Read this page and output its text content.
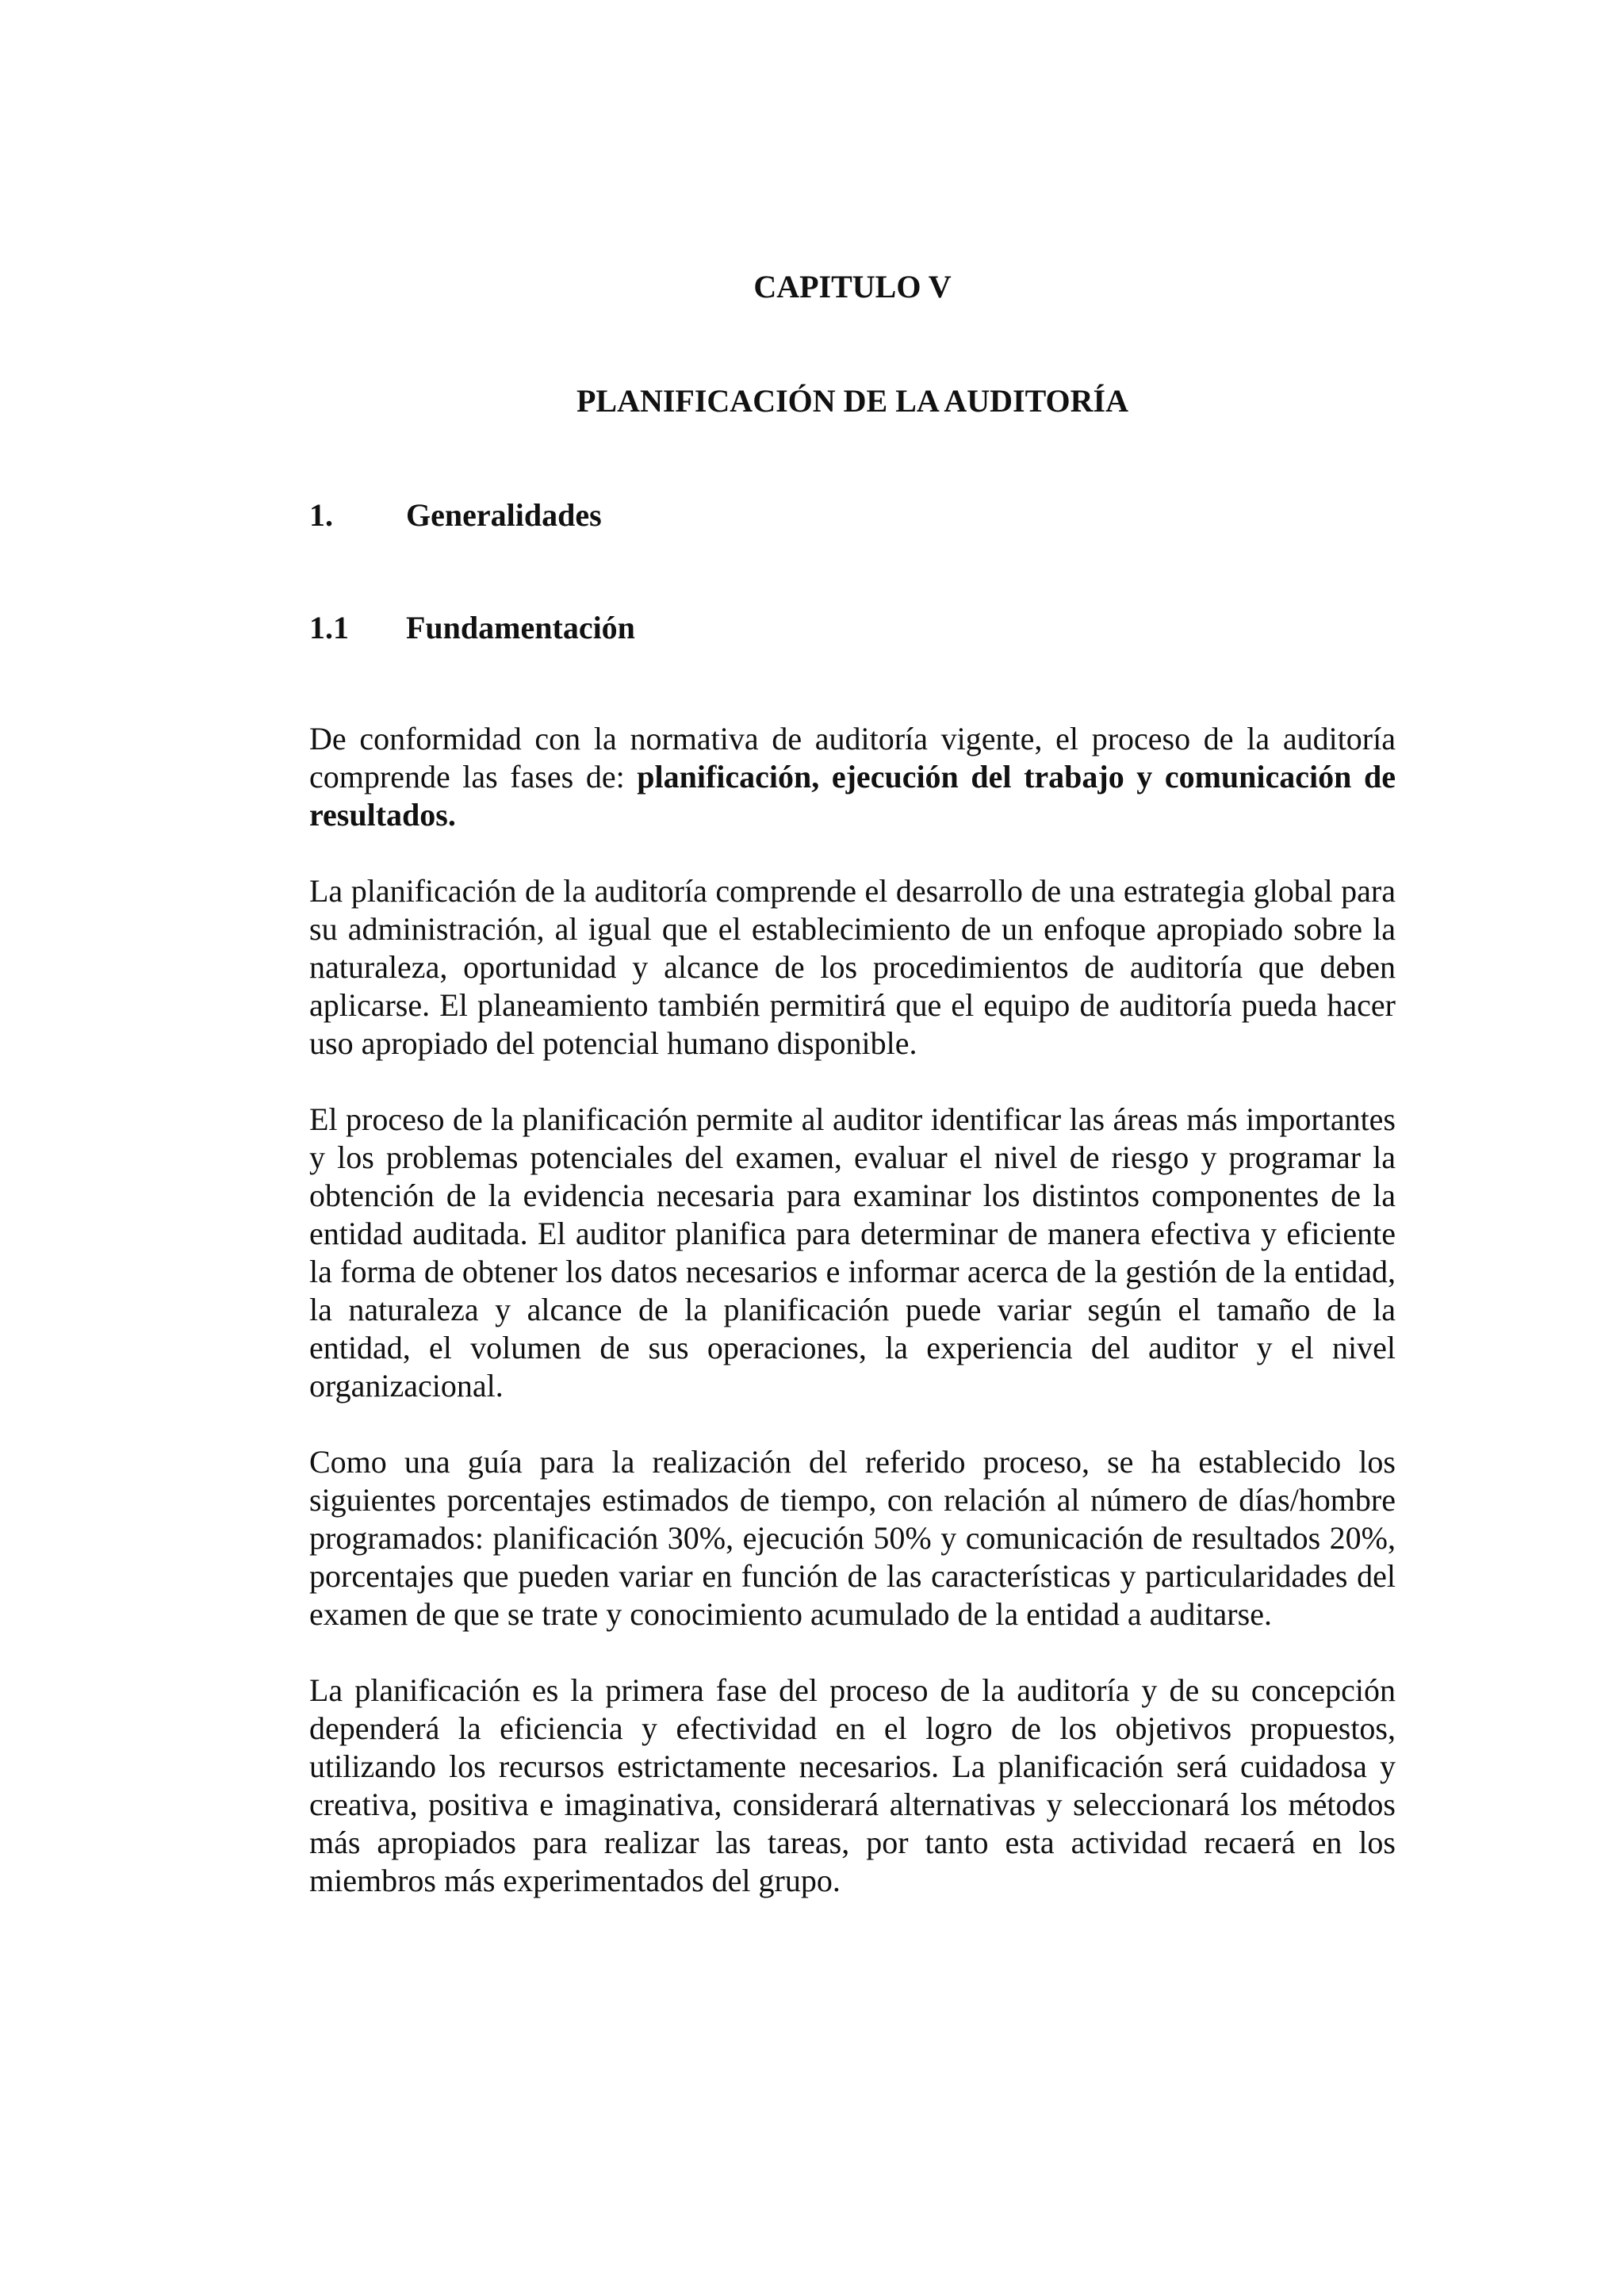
CAPITULO V
PLANIFICACIÓN DE LA AUDITORÍA
1. Generalidades
1.1 Fundamentación

De conformidad con la normativa de auditoría vigente, el proceso de la auditoría comprende las fases de: planificación, ejecución del trabajo y comunicación de resultados.

La planificación de la auditoría comprende el desarrollo de una estrategia global para su administración, al igual que el establecimiento de un enfoque apropiado sobre la naturaleza, oportunidad y alcance de los procedimientos de auditoría que deben aplicarse. El planeamiento también permitirá que el equipo de auditoría pueda hacer uso apropiado del potencial humano disponible.

El proceso de la planificación permite al auditor identificar las áreas más importantes y los problemas potenciales del examen, evaluar el nivel de riesgo y programar la obtención de la evidencia necesaria para examinar los distintos componentes de la entidad auditada. El auditor planifica para determinar de manera efectiva y eficiente la forma de obtener los datos necesarios e informar acerca de la gestión de la entidad, la naturaleza y alcance de la planificación puede variar según el tamaño de la entidad, el volumen de sus operaciones, la experiencia del auditor y el nivel organizacional.

Como una guía para la realización del referido proceso, se ha establecido los siguientes porcentajes estimados de tiempo, con relación al número de días/hombre programados: planificación 30%, ejecución 50% y comunicación de resultados 20%, porcentajes que pueden variar en función de las características y particularidades del examen de que se trate y conocimiento acumulado de la entidad a auditarse.

La planificación es la primera fase del proceso de la auditoría y de su concepción dependerá la eficiencia y efectividad en el logro de los objetivos propuestos, utilizando los recursos estrictamente necesarios. La planificación será cuidadosa y creativa, positiva e imaginativa, considerará alternativas y seleccionará los métodos más apropiados para realizar las tareas, por tanto esta actividad recaerá en los miembros más experimentados del grupo.
